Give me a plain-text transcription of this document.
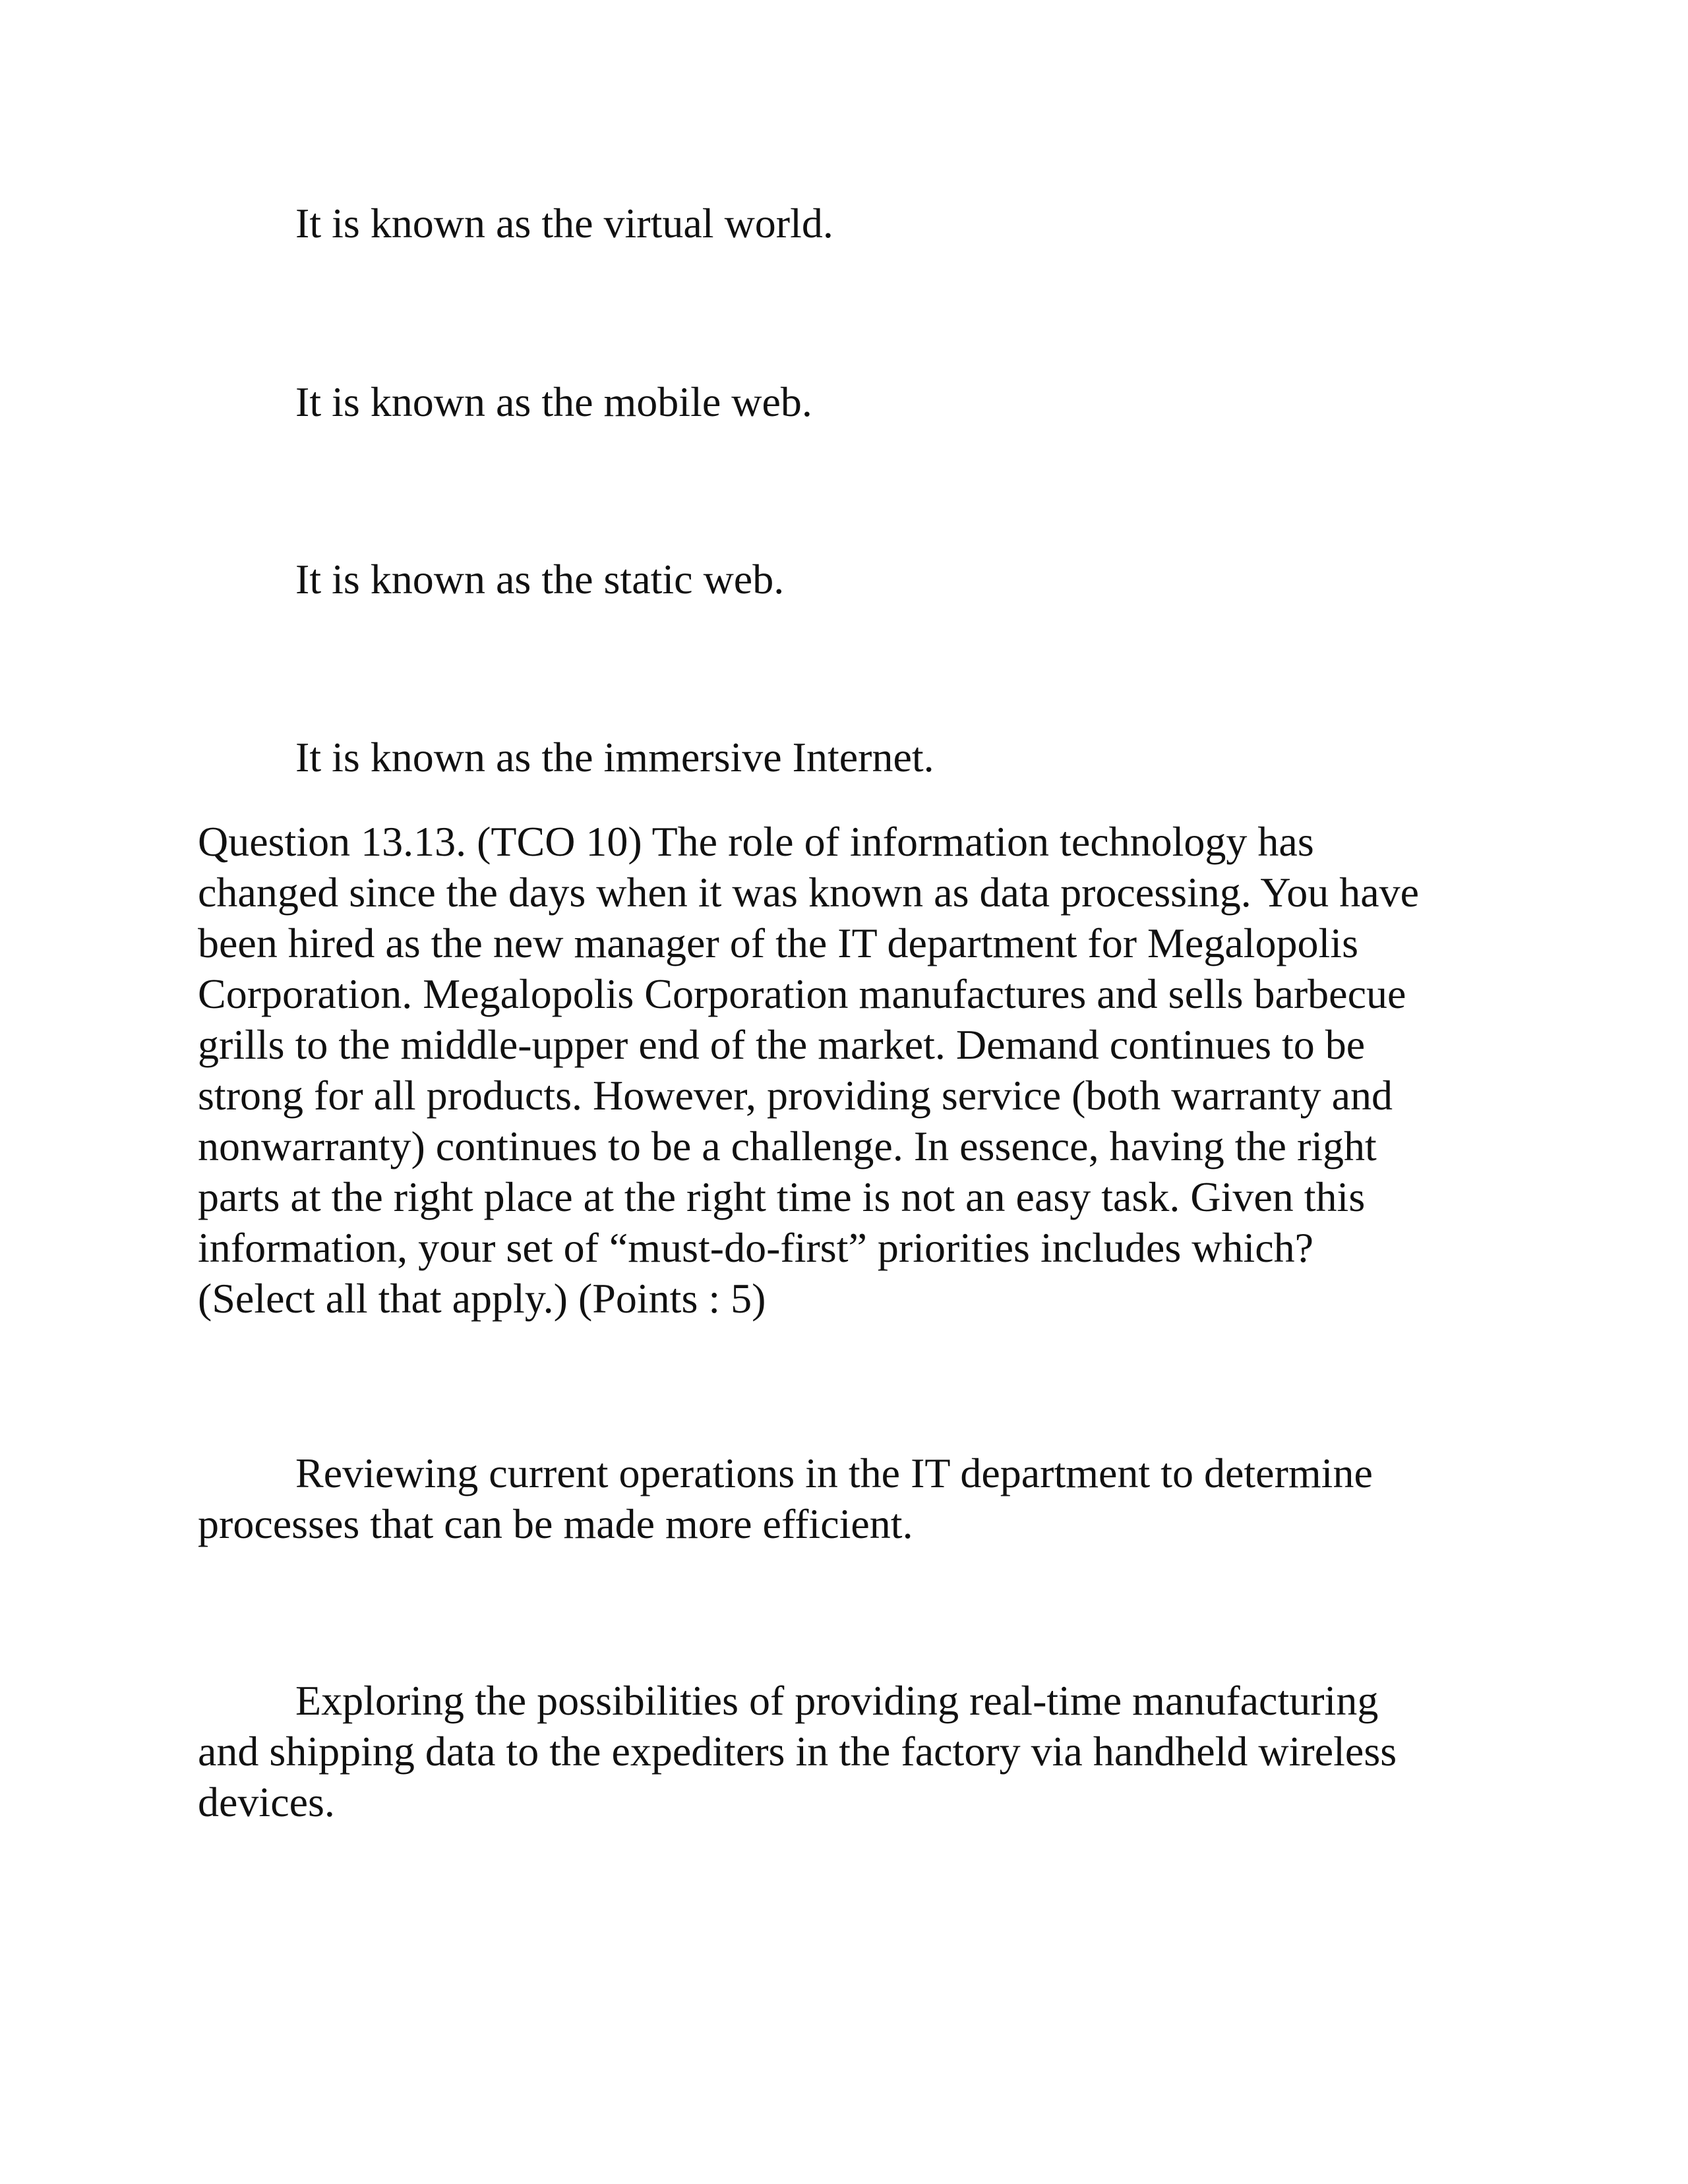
It is known as the virtual world.
It is known as the mobile web.
It is known as the static web.
It is known as the immersive Internet.
Question 13.13. (TCO 10) The role of information technology has
changed since the days when it was known as data processing. You have
been hired as the new manager of the IT department for Megalopolis
Corporation. Megalopolis Corporation manufactures and sells barbecue
grills to the middle-upper end of the market. Demand continues to be
strong for all products. However, providing service (both warranty and
nonwarranty) continues to be a challenge. In essence, having the right
parts at the right place at the right time is not an easy task. Given this
information, your set of “must-do-first” priorities includes which?
(Select all that apply.) (Points : 5)
Reviewing current operations in the IT department to determine
processes that can be made more efficient.
Exploring the possibilities of providing real-time manufacturing
and shipping data to the expediters in the factory via handheld wireless
devices.
